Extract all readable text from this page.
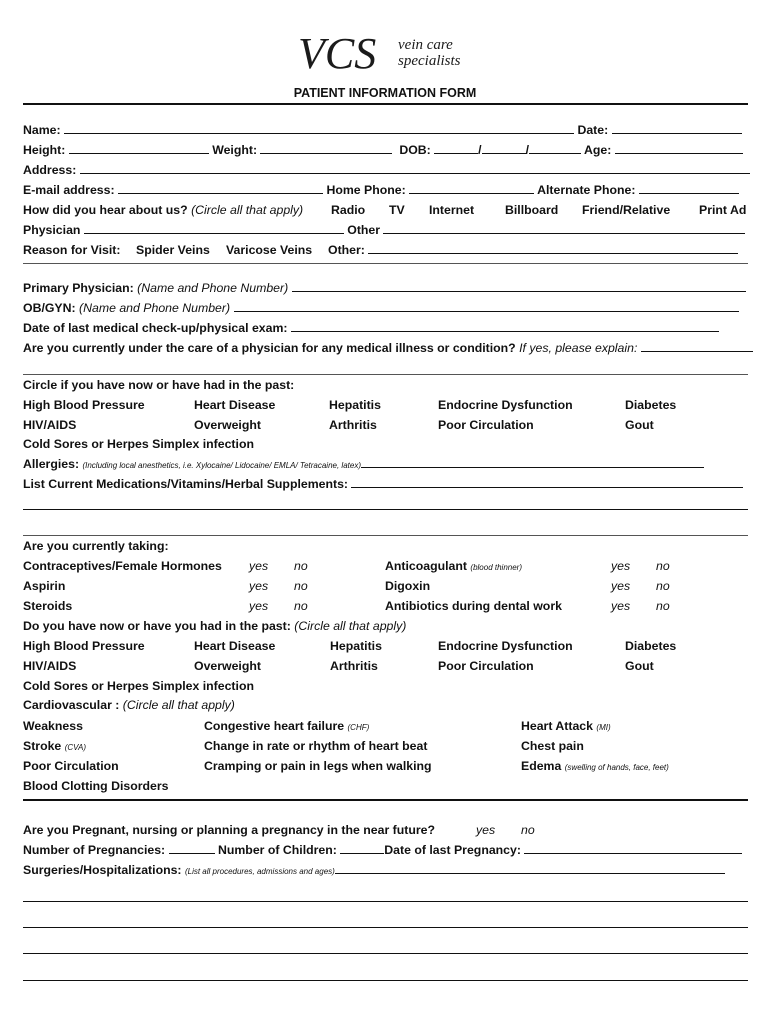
VCS vein care
specialists
PATIENT INFORMATION FORM
Name:	Date:
Height:	Weight:	DOB:	/	/	Age:
Address:
E-mail address:	Home Phone:	Alternate Phone:
How did you hear about us? (Circle all that apply) Radio TV Internet	Billboard Friend/Relative Print Ad
Physician	Other
Reason for Visit: Spider Veins Varicose Veins Other:
Primary Physician: (Name and Phone Number)
OB/GYN: (Name and Phone Number)
Date of last medical check-up/physical exam:
Are you currently under the care of a physician for any medical illness or condition? If yes, please explain:
Circle if you have now or have had in the past:
High Blood Pressure	Heart Disease	Hepatitis	Endocrine Dysfunction	Diabetes
HIV/AIDS	Overweight	Arthritis	Poor Circulation	Gout
Cold Sores or Herpes Simplex infection
Allergies: (Including local anesthetics, i.e. Xylocaine/ Lidocaine/ EMLA/ Tetracaine, latex)
List Current Medications/Vitamins/Herbal Supplements:
Are you currently taking:
Contraceptives/Female Hormones yes no	Anticoagulant (blood thinner)	yes no
Aspirin	yes no	Digoxin	yes no
Steroids	yes no	Antibiotics during dental work	yes no
Do you have now or have you had in the past: (Circle all that apply)
High Blood Pressure	Heart Disease	Hepatitis	Endocrine Dysfunction	Diabetes
HIV/AIDS	Overweight	Arthritis	Poor Circulation	Gout
Cold Sores or Herpes Simplex infection
Cardiovascular : (Circle all that apply)
Weakness	Congestive heart failure (CHF)	Heart Attack (MI)
Stroke (CVA)	Change in rate or rhythm of heart beat	Chest pain
Poor Circulation	Cramping or pain in legs when walking	Edema (swelling of hands, face, feet)
Blood Clotting Disorders
Are you Pregnant, nursing or planning a pregnancy in the near future?	yes no
Number of Pregnancies:	Number of Children:	Date of last Pregnancy:
Surgeries/Hospitalizations: (List all procedures, admissions and ages)
